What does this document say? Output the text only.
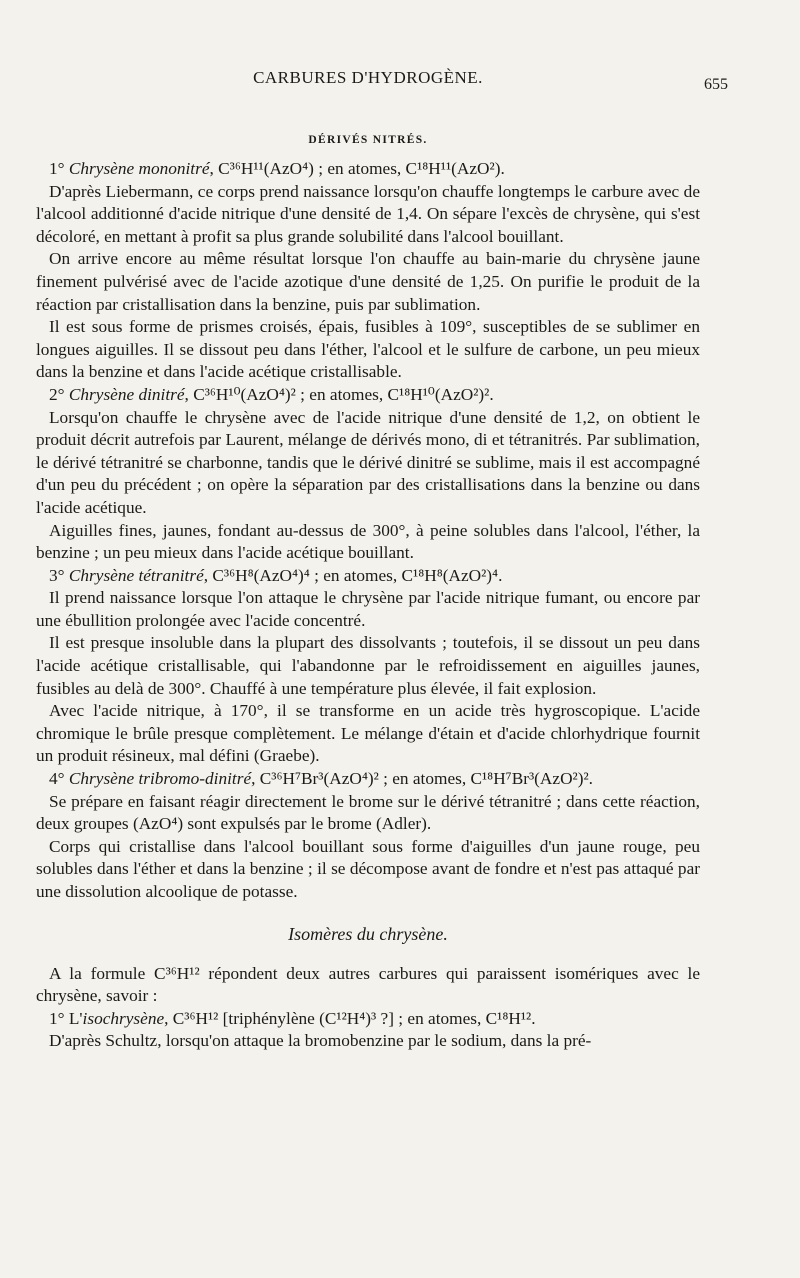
CARBURES D'HYDROGÈNE.	655
DÉRIVÉS NITRÉS.

1° Chrysène mononitré, C³⁶H¹¹(AzO⁴) ; en atomes, C¹⁸H¹¹(AzO²).

D'après Liebermann, ce corps prend naissance lorsqu'on chauffe longtemps le carbure avec de l'alcool additionné d'acide nitrique d'une densité de 1,4. On sépare l'excès de chrysène, qui s'est décoloré, en mettant à profit sa plus grande solubilité dans l'alcool bouillant.

On arrive encore au même résultat lorsque l'on chauffe au bain-marie du chrysène jaune finement pulvérisé avec de l'acide azotique d'une densité de 1,25. On purifie le produit de la réaction par cristallisation dans la benzine, puis par sublimation.

Il est sous forme de prismes croisés, épais, fusibles à 109°, susceptibles de se sublimer en longues aiguilles. Il se dissout peu dans l'éther, l'alcool et le sulfure de carbone, un peu mieux dans la benzine et dans l'acide acétique cristallisable.

2° Chrysène dinitré, C³⁶H¹⁰(AzO⁴)² ; en atomes, C¹⁸H¹⁰(AzO²)².

Lorsqu'on chauffe le chrysène avec de l'acide nitrique d'une densité de 1,2, on obtient le produit décrit autrefois par Laurent, mélange de dérivés mono, di et tétranitrés. Par sublimation, le dérivé tétranitré se charbonne, tandis que le dérivé dinitré se sublime, mais il est accompagné d'un peu du précédent ; on opère la séparation par des cristallisations dans la benzine ou dans l'acide acétique.

Aiguilles fines, jaunes, fondant au-dessus de 300°, à peine solubles dans l'alcool, l'éther, la benzine ; un peu mieux dans l'acide acétique bouillant.

3° Chrysène tétranitré, C³⁶H⁸(AzO⁴)⁴ ; en atomes, C¹⁸H⁸(AzO²)⁴.

Il prend naissance lorsque l'on attaque le chrysène par l'acide nitrique fumant, ou encore par une ébullition prolongée avec l'acide concentré.

Il est presque insoluble dans la plupart des dissolvants ; toutefois, il se dissout un peu dans l'acide acétique cristallisable, qui l'abandonne par le refroidissement en aiguilles jaunes, fusibles au delà de 300°. Chauffé à une température plus élevée, il fait explosion.

Avec l'acide nitrique, à 170°, il se transforme en un acide très hygroscopique. L'acide chromique le brûle presque complètement. Le mélange d'étain et d'acide chlorhydrique fournit un produit résineux, mal défini (Graebe).

4° Chrysène tribromo-dinitré, C³⁶H⁷Br³(AzO⁴)² ; en atomes, C¹⁸H⁷Br³(AzO²)².

Se prépare en faisant réagir directement le brome sur le dérivé tétranitré ; dans cette réaction, deux groupes (AzO⁴) sont expulsés par le brome (Adler).

Corps qui cristallise dans l'alcool bouillant sous forme d'aiguilles d'un jaune rouge, peu solubles dans l'éther et dans la benzine ; il se décompose avant de fondre et n'est pas attaqué par une dissolution alcoolique de potasse.

Isomères du chrysène.

A la formule C³⁶H¹² répondent deux autres carbures qui paraissent isomériques avec le chrysène, savoir :

1° L'isochrysène, C³⁶H¹² [triphénylène (C¹²H⁴)³ ?] ; en atomes, C¹⁸H¹².

D'après Schultz, lorsqu'on attaque la bromobenzine par le sodium, dans la pré-
